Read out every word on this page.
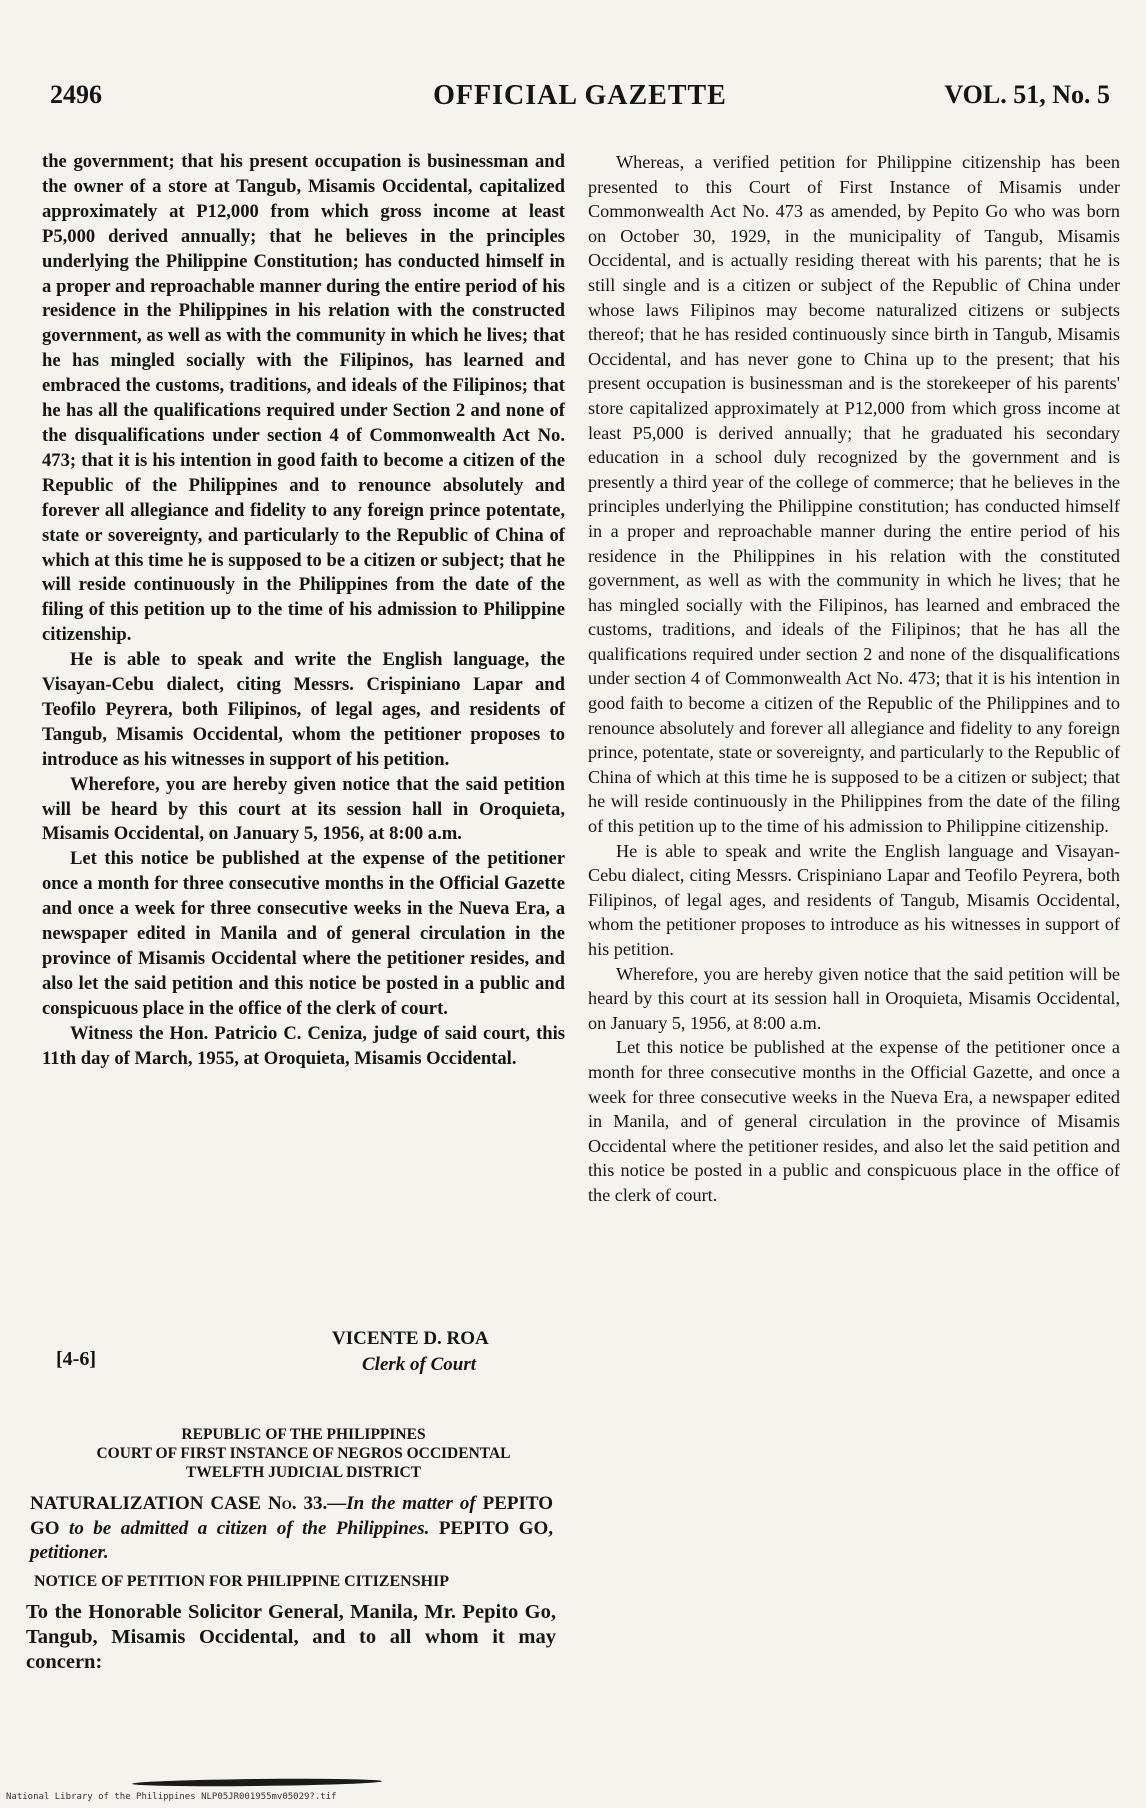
OFFICIAL GAZETTE
2496	VOL. 51, No. 5

the government; that his present occupation is businessman and the owner of a store at Tangub, Misamis Occidental, capitalized approximately at P12,000 from which gross income at least P5,000 derived annually; that he believes in the principles underlying the Philippine Constitution; has conducted himself in a proper and reproachable manner during the entire period of his residence in the Philippines in his relation with the constructed government, as well as with the community in which he lives; that he has mingled socially with the Filipinos, has learned and embraced the customs, traditions, and ideals of the Filipinos; that he has all the qualifications required under Section 2 and none of the disqualifications under section 4 of Commonwealth Act No. 473; that it is his intention in good faith to become a citizen of the Republic of the Philippines and to renounce absolutely and forever all allegiance and fidelity to any foreign prince potentate, state or sovereignty, and particularly to the Republic of China of which at this time he is supposed to be a citizen or subject; that he will reside continuously in the Philippines from the date of the filing of this petition up to the time of his admission to Philippine citizenship.

He is able to speak and write the English language, the Visayan-Cebu dialect, citing Messrs. Crispiniano Lapar and Teofilo Peyrera, both Filipinos, of legal ages, and residents of Tangub, Misamis Occidental, whom the petitioner proposes to introduce as his witnesses in support of his petition.

Wherefore, you are hereby given notice that the said petition will be heard by this court at its session hall in Oroquieta, Misamis Occidental, on January 5, 1956, at 8:00 a.m.

Let this notice be published at the expense of the petitioner once a month for three consecutive months in the Official Gazette and once a week for three consecutive weeks in the Nueva Era, a newspaper edited in Manila and of general circulation in the province of Misamis Occidental where the petitioner resides, and also let the said petition and this notice be posted in a public and conspicuous place in the office of the clerk of court.

Witness the Hon. Patricio C. Ceniza, judge of said court, this 11th day of March, 1955, at Oroquieta, Misamis Occidental.

[4-6]
VICENTE D. ROA
Clerk of Court
REPUBLIC OF THE PHILIPPINES
COURT OF FIRST INSTANCE OF NEGROS OCCIDENTAL
TWELFTH JUDICIAL DISTRICT
NATURALIZATION CASE No. 33.—In the matter of PEPITO GO to be admitted a citizen of the Philippines. PEPITO GO, petitioner.
NOTICE OF PETITION FOR PHILIPPINE CITIZENSHIP
To the Honorable Solicitor General, Manila, Mr. Pepito Go, Tangub, Misamis Occidental, and to all whom it may concern:

Whereas, a verified petition for Philippine citizenship has been presented to this Court of First Instance of Misamis under Commonwealth Act No. 473 as amended, by Pepito Go who was born on October 30, 1929, in the municipality of Tangub, Misamis Occidental, and is actually residing thereat with his parents; that he is still single and is a citizen or subject of the Republic of China under whose laws Filipinos may become naturalized citizens or subjects thereof; that he has resided continuously since birth in Tangub, Misamis Occidental, and has never gone to China up to the present; that his present occupation is businessman and is the storekeeper of his parents' store capitalized approximately at P12,000 from which gross income at least P5,000 is derived annually; that he graduated his secondary education in a school duly recognized by the government and is presently a third year of the college of commerce; that he believes in the principles underlying the Philippine constitution; has conducted himself in a proper and reproachable manner during the entire period of his residence in the Philippines in his relation with the constituted government, as well as with the community in which he lives; that he has mingled socially with the Filipinos, has learned and embraced the customs, traditions, and ideals of the Filipinos; that he has all the qualifications required under section 2 and none of the disqualifications under section 4 of Commonwealth Act No. 473; that it is his intention in good faith to become a citizen of the Republic of the Philippines and to renounce absolutely and forever all allegiance and fidelity to any foreign prince, potentate, state or sovereignty, and particularly to the Republic of China of which at this time he is supposed to be a citizen or subject; that he will reside continuously in the Philippines from the date of the filing of this petition up to the time of his admission to Philippine citizenship.

He is able to speak and write the English language and Visayan-Cebu dialect, citing Messrs. Crispiniano Lapar and Teofilo Peyrera, both Filipinos, of legal ages, and residents of Tangub, Misamis Occidental, whom the petitioner proposes to introduce as his witnesses in support of his petition.

Wherefore, you are hereby given notice that the said petition will be heard by this court at its session hall in Oroquieta, Misamis Occidental, on January 5, 1956, at 8:00 a.m.

Let this notice be published at the expense of the petitioner once a month for three consecutive months in the Official Gazette, and once a week for three consecutive weeks in the Nueva Era, a newspaper edited in Manila, and of general circulation in the province of Misamis Occidental where the petitioner resides, and also let the said petition and this notice be posted in a public and conspicuous place in the office of the clerk of court.

National Library of the Philippines NLP05JR001955mv05029?.tif
